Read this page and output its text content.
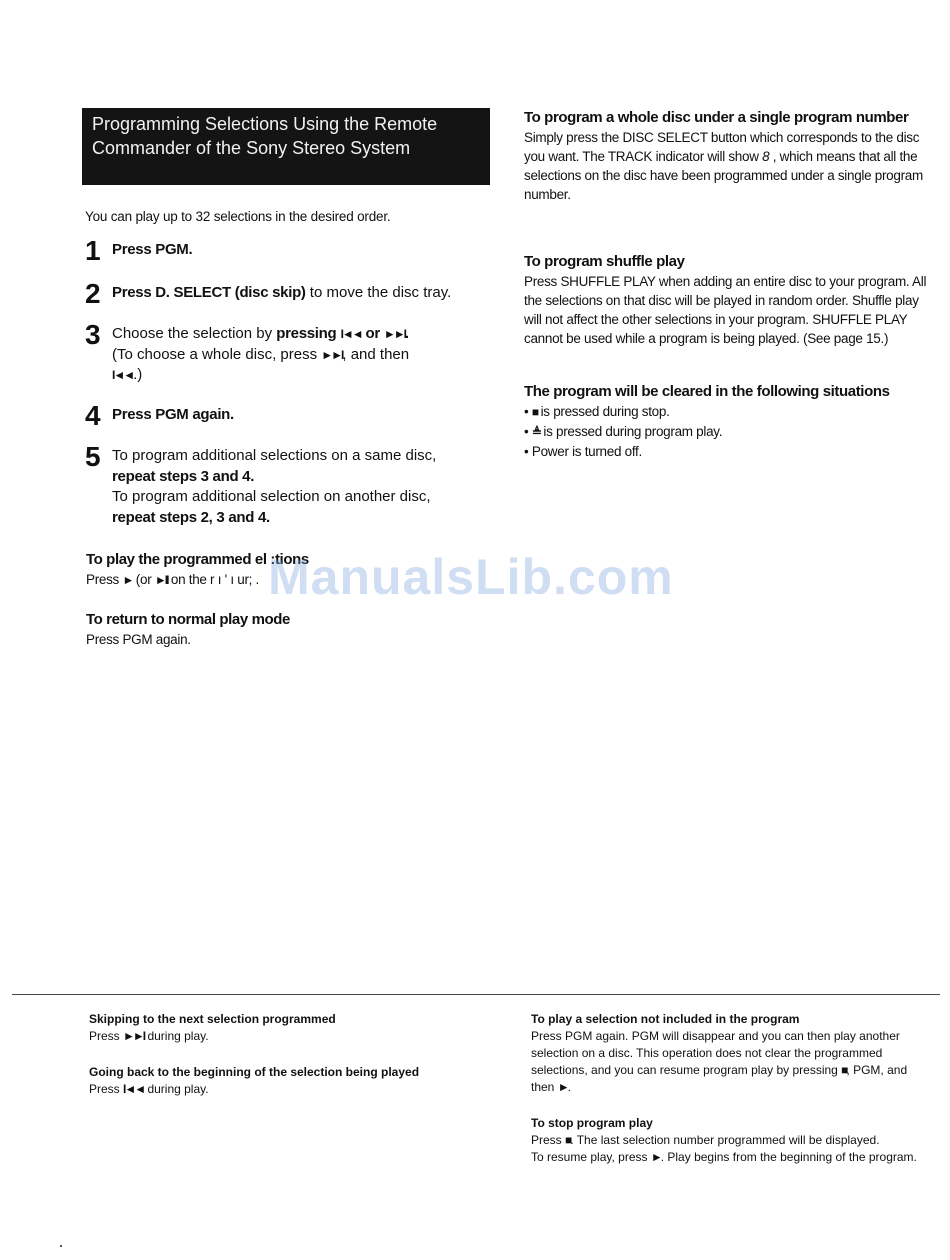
Programming Selections Using the Remote Commander of the Sony Stereo System
You can play up to 32 selections in the desired order.
1 Press PGM.
2 Press D. SELECT (disc skip) to move the disc tray.
3 Choose the selection by pressing I◄◄ or ►►I.
(To choose a whole disc, press ►►I, and then
I◄◄.)
4 Press PGM again.
5 To program additional selections on a same disc,
repeat steps 3 and 4.
To program additional selection on another disc,
repeat steps 2, 3 and 4.
To play the programmed el :tions
Press ► (or ►II on the r ı ' ı ur; . ManualsLib.com
To return to normal play mode
Press PGM again.
To program a whole disc under a single program number
Simply press the DISC SELECT button which corresponds to the disc you want. The TRACK indicator will show 8 , which means that all the selections on the disc have been programmed under a single program number.
To program shuffle play
Press SHUFFLE PLAY when adding an entire disc to your program. All the selections on that disc will be played in random order. Shuffle play will not affect the other selections in your program. SHUFFLE PLAY cannot be used while a program is being played. (See page 15.)
The program will be cleared in the following situations
• ■ is pressed during stop.
• ≜ is pressed during program play.
• Power is turned off.
Skipping to the next selection programmed
Press ►►I during play.
Going back to the beginning of the selection being played
Press I◄◄ during play.
To play a selection not included in the program
Press PGM again. PGM will disappear and you can then play another selection on a disc. This operation does not clear the programmed selections, and you can resume program play by pressing ■, PGM, and then ►.
To stop program play
Press ■. The last selection number programmed will be displayed.
To resume play, press ►. Play begins from the beginning of the program.
